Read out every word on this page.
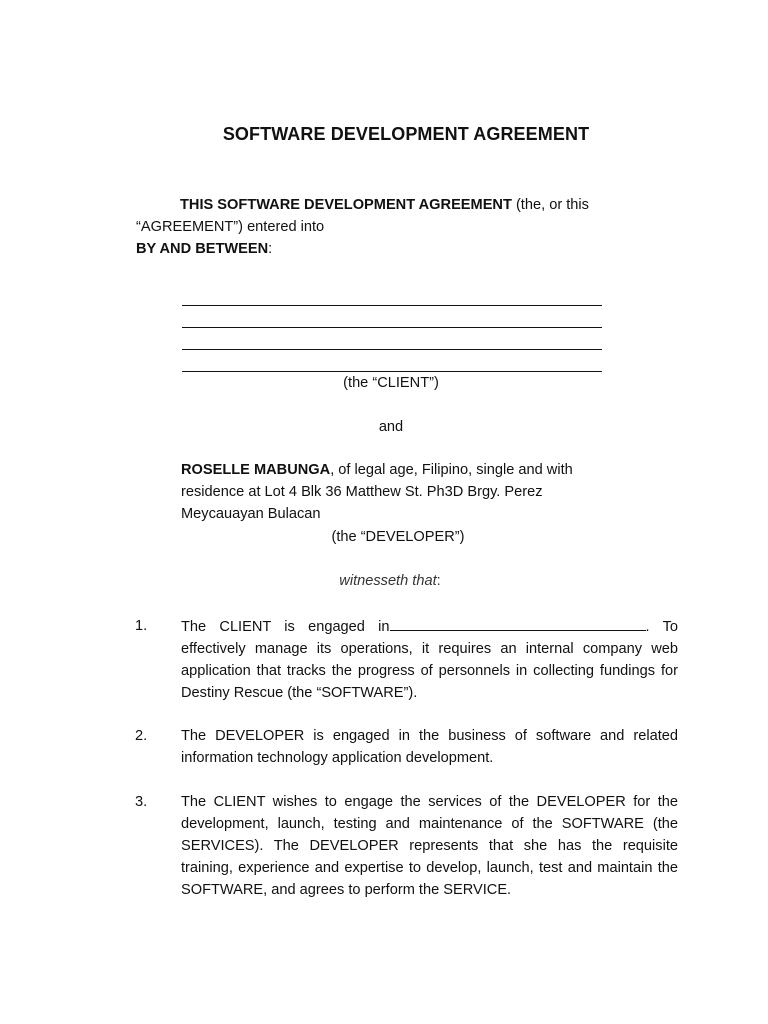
SOFTWARE DEVELOPMENT AGREEMENT
THIS SOFTWARE DEVELOPMENT AGREEMENT (the, or this
“AGREEMENT”) entered into
BY AND BETWEEN:
(the “CLIENT”)
and
ROSELLE MABUNGA, of legal age, Filipino, single and with residence at Lot 4 Blk 36 Matthew St. Ph3D Brgy. Perez Meycauayan Bulacan
(the “DEVELOPER”)
witnesseth that:
1. The CLIENT is engaged in	. To effectively manage its operations, it requires an internal company web application that tracks the progress of personnels in collecting fundings for Destiny Rescue (the “SOFTWARE”).
2. The DEVELOPER is engaged in the business of software and related information technology application development.
3. The CLIENT wishes to engage the services of the DEVELOPER for the development, launch, testing and maintenance of the SOFTWARE (the SERVICES). The DEVELOPER represents that she has the requisite training, experience and expertise to develop, launch, test and maintain the SOFTWARE, and agrees to perform the SERVICE.
